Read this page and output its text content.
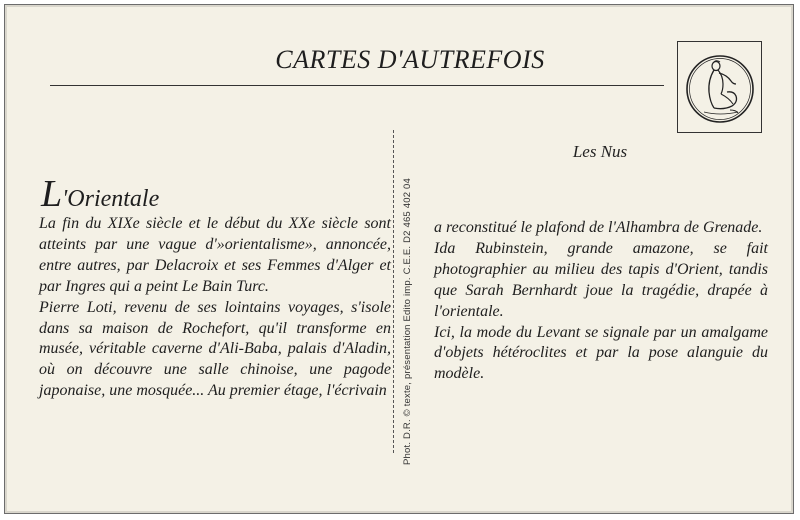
CARTES D'AUTREFOIS
Les Nus
L'Orientale

La fin du XIXe siècle et le début du XXe siècle sont atteints par une vague d'»orientalisme», annoncée, entre autres, par Delacroix et ses Femmes d'Alger et par Ingres qui a peint Le Bain Turc.

Pierre Loti, revenu de ses lointains voyages, s'isole dans sa maison de Rochefort, qu'il transforme en musée, véritable caverne d'Ali-Baba, palais d'Aladin, où on découvre une salle chinoise, une pagode japonaise, une mosquée... Au premier étage, l'écrivain	Phot. D.R. © texte, présentation Edito imp. C.E.E. D2 465 402 04 a reconstitué le plafond de l'Alhambra de Grenade.

Ida Rubinstein, grande amazone, se fait photographier au milieu des tapis d'Orient, tandis que Sarah Bernhardt joue la tragédie, drapée à l'orientale.

Ici, la mode du Levant se signale par un amalgame d'objets hétéroclites et par la pose alanguie du modèle.
